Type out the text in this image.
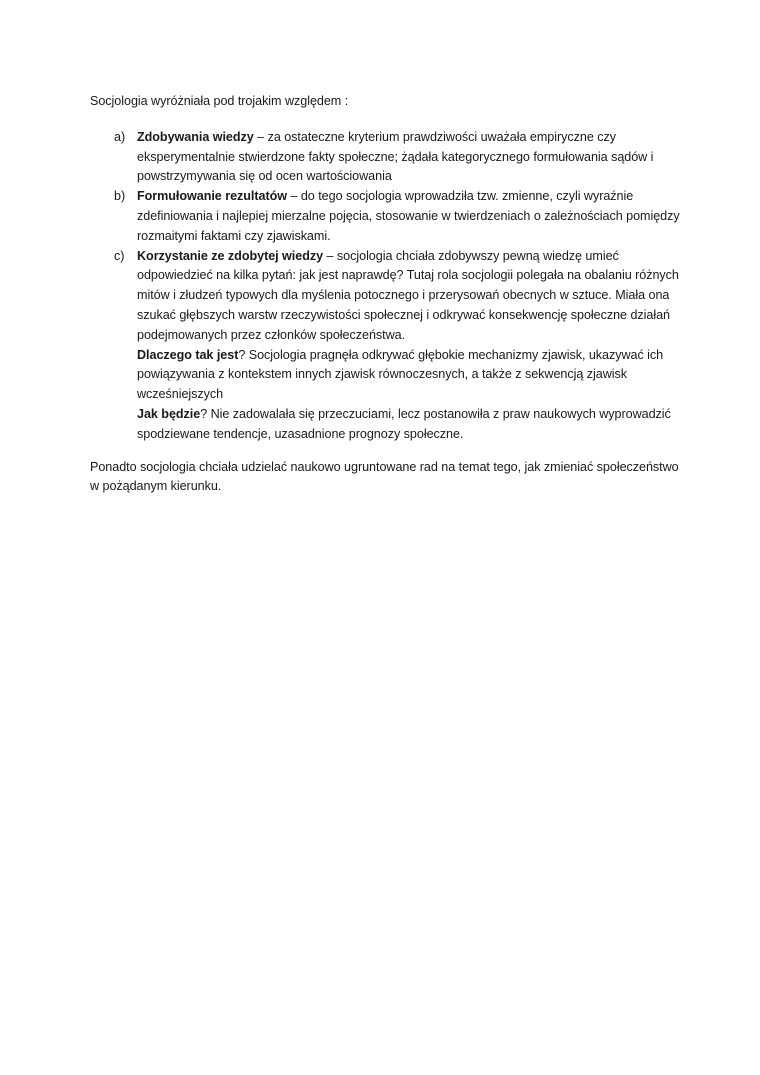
Socjologia wyróżniała pod trojakim względem :

a) Zdobywania wiedzy – za ostateczne kryterium prawdziwości uważała empiryczne czy eksperymentalnie stwierdzone fakty społeczne; żądała kategorycznego formułowania sądów i powstrzymywania się od ocen wartościowania
b) Formułowanie rezultatów – do tego socjologia wprowadziła tzw. zmienne, czyli wyraźnie zdefiniowania i najlepiej mierzalne pojęcia, stosowanie w twierdzeniach o zależnościach pomiędzy rozmaitymi faktami czy zjawiskami.
c) Korzystanie ze zdobytej wiedzy – socjologia chciała zdobywszy pewną wiedzę umieć odpowiedzieć na kilka pytań: jak jest naprawdę? Tutaj rola socjologii polegała na obalaniu różnych mitów i złudzeń typowych dla myślenia potocznego i przerysowań obecnych w sztuce. Miała ona szukać głębszych warstw rzeczywistości społecznej i odkrywać konsekwencję społeczne działań podejmowanych przez członków społeczeństwa.
Dlaczego tak jest? Socjologia pragnęła odkrywać głębokie mechanizmy zjawisk, ukazywać ich powiązywania z kontekstem innych zjawisk równoczesnych, a także z sekwencją zjawisk wcześniejszych
Jak będzie? Nie zadowalała się przeczuciami, lecz postanowiła z praw naukowych wyprowadzić spodziewane tendencje, uzasadnione prognozy społeczne.

Ponadto socjologia chciała udzielać naukowo ugruntowane rad na temat tego, jak zmieniać społeczeństwo w pożądanym kierunku.
